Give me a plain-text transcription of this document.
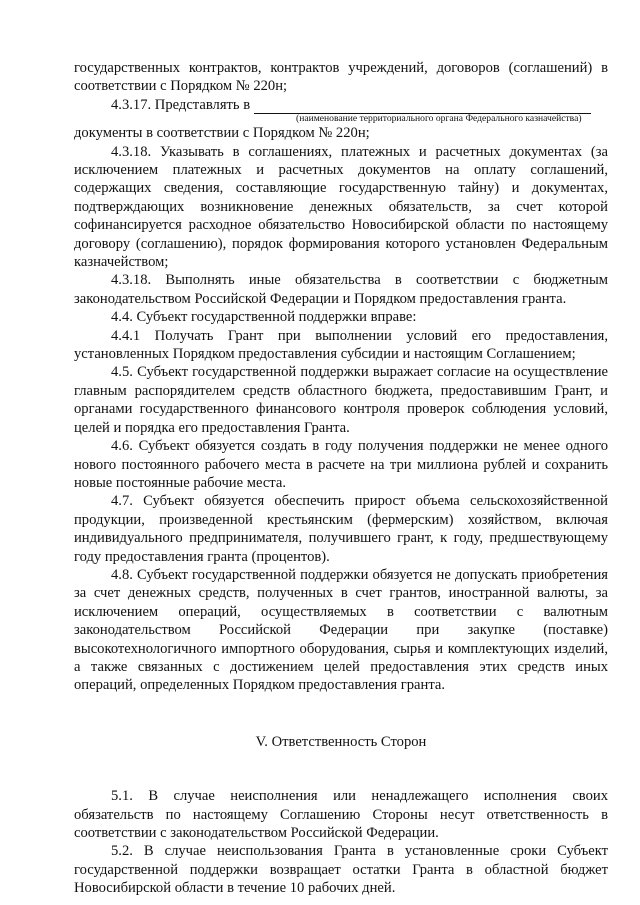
государственных контрактов, контрактов учреждений, договоров (соглашений) в соответствии с Порядком № 220н;

4.3.17. Представлять в
(наименование территориального органа Федерального казначейства)

документы в соответствии с Порядком № 220н;

4.3.18. Указывать в соглашениях, платежных и расчетных документах (за исключением платежных и расчетных документов на оплату соглашений, содержащих сведения, составляющие государственную тайну) и документах, подтверждающих возникновение денежных обязательств, за счет которой софинансируется расходное обязательство Новосибирской области по настоящему договору (соглашению), порядок формирования которого установлен Федеральным казначейством;

4.3.18. Выполнять иные обязательства в соответствии с бюджетным законодательством Российской Федерации и Порядком предоставления гранта.

4.4. Субъект государственной поддержки вправе:

4.4.1 Получать Грант при выполнении условий его предоставления, установленных Порядком предоставления субсидии и настоящим Соглашением;

4.5. Субъект государственной поддержки выражает согласие на осуществление главным распорядителем средств областного бюджета, предоставившим Грант, и органами государственного финансового контроля проверок соблюдения условий, целей и порядка его предоставления Гранта.

4.6. Субъект обязуется создать в году получения поддержки не менее одного нового постоянного рабочего места в расчете на три миллиона рублей и сохранить новые постоянные рабочие места.

4.7. Субъект обязуется обеспечить прирост объема сельскохозяйственной продукции, произведенной крестьянским (фермерским) хозяйством, включая индивидуального предпринимателя, получившего грант, к году, предшествующему году предоставления гранта (процентов).

4.8. Субъект государственной поддержки обязуется не допускать приобретения за счет денежных средств, полученных в счет грантов, иностранной валюты, за исключением операций, осуществляемых в соответствии с валютным законодательством Российской Федерации при закупке (поставке) высокотехнологичного импортного оборудования, сырья и комплектующих изделий, а также связанных с достижением целей предоставления этих средств иных операций, определенных Порядком предоставления гранта.

V. Ответственность Сторон

5.1. В случае неисполнения или ненадлежащего исполнения своих обязательств по настоящему Соглашению Стороны несут ответственность в соответствии с законодательством Российской Федерации.

5.2. В случае неиспользования Гранта в установленные сроки Субъект государственной поддержки возвращает остатки Гранта в областной бюджет Новосибирской области в течение 10 рабочих дней.
